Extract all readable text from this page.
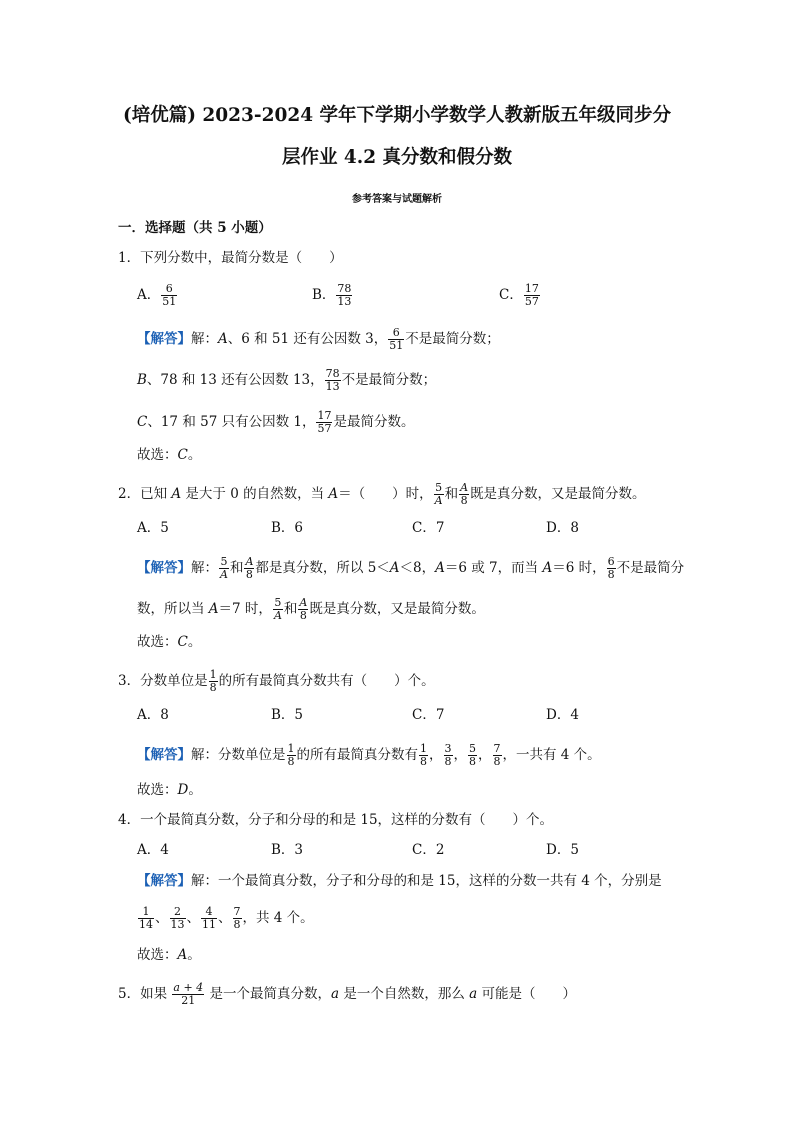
(培优篇) 2023-2024 学年下学期小学数学人教新版五年级同步分
层作业 4.2 真分数和假分数
参考答案与试题解析
一．选择题（共 5 小题）
1．下列分数中，最简分数是（　　）
A． $\frac{6}{51}$	B． $\frac{78}{13}$	C． $\frac{17}{57}$
【解答】解：A、6 和 51 还有公因数 3， $\frac{6}{51}$ 不是最简分数；
B、78 和 13 还有公因数 13， $\frac{78}{13}$ 不是最简分数；
C、17 和 57 只有公因数 1， $\frac{17}{57}$ 是最简分数。
故选：C。
2．已知 A 是大于 0 的自然数，当 A＝（　　）时， $\frac{5}{A}$ 和 $\frac{A}{8}$ 既是真分数，又是最简分数。
A．5	B．6	C．7	D．8
【解答】解： $\frac{5}{A}$ 和 $\frac{A}{8}$ 都是真分数，所以 5＜A＜8，A＝6 或 7，而当 A＝6 时， $\frac{6}{8}$ 不是最简分
数，所以当 A＝7 时， $\frac{5}{A}$ 和 $\frac{A}{8}$ 既是真分数，又是最简分数。
故选：C。
3．分数单位是 $\frac{1}{8}$ 的所有最简真分数共有（　　）个。
A．8	B．5	C．7	D．4
【解答】解：分数单位是 $\frac{1}{8}$ 的所有最简真分数有 $\frac{1}{8}$ ， $\frac{3}{8}$ ， $\frac{5}{8}$ ， $\frac{7}{8}$ ，一共有 4 个。
故选：D。
4．一个最简真分数，分子和分母的和是 15，这样的分数有（　　）个。
A．4	B．3	C．2	D．5
【解答】解：一个最简真分数，分子和分母的和是 15，这样的分数一共有 4 个，分别是
$\frac{1}{14}$ 、 $\frac{2}{13}$ 、 $\frac{4}{11}$ 、 $\frac{7}{8}$ ，共 4 个。
故选：A。
5．如果 $\frac{a + 4}{21}$ 是一个最简真分数，a 是一个自然数，那么 a 可能是（　　）
